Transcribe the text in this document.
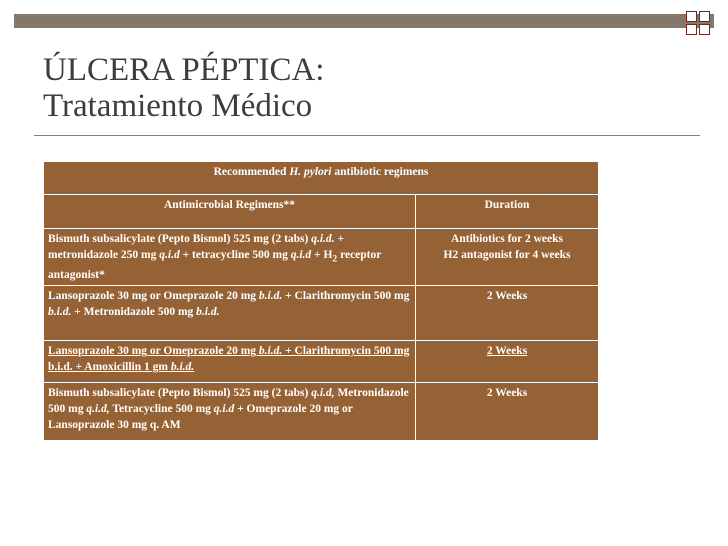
ÚLCERA PÉPTICA:
Tratamiento Médico
Recommended H. pylori antibiotic regimens	
Antimicrobial Regimens**	Duration
Bismuth subsalicylate (Pepto Bismol) 525 mg (2 tabs) q.i.d. + metronidazole 250 mg q.i.d + tetracycline 500 mg $q.i.d + H_2$ receptor antagonist*	Antibiotics for 2 weeks
H2 antagonist for 4 weeks

Lansoprazole 30 mg or Omeprazole 20 mg b.i.d. + Clarithromycin 500 mg b.i.d. + Metronidazole 500 mg b.i.d.	2 Weeks

Lansoprazole 30 mg or Omeprazole 20 mg b.i.d. + Clarithromycin 500 mg b.i.d. + Amoxicillin 1 gm b.i.d.	2 Weeks

Bismuth subsalicylate (Pepto Bismol) 525 mg (2 tabs) q.i.d, Metronidazole 500 mg q.i.d, Tetracycline 500 mg q.i.d + Omeprazole 20 mg or Lansoprazole 30 mg q. AM	2 Weeks
